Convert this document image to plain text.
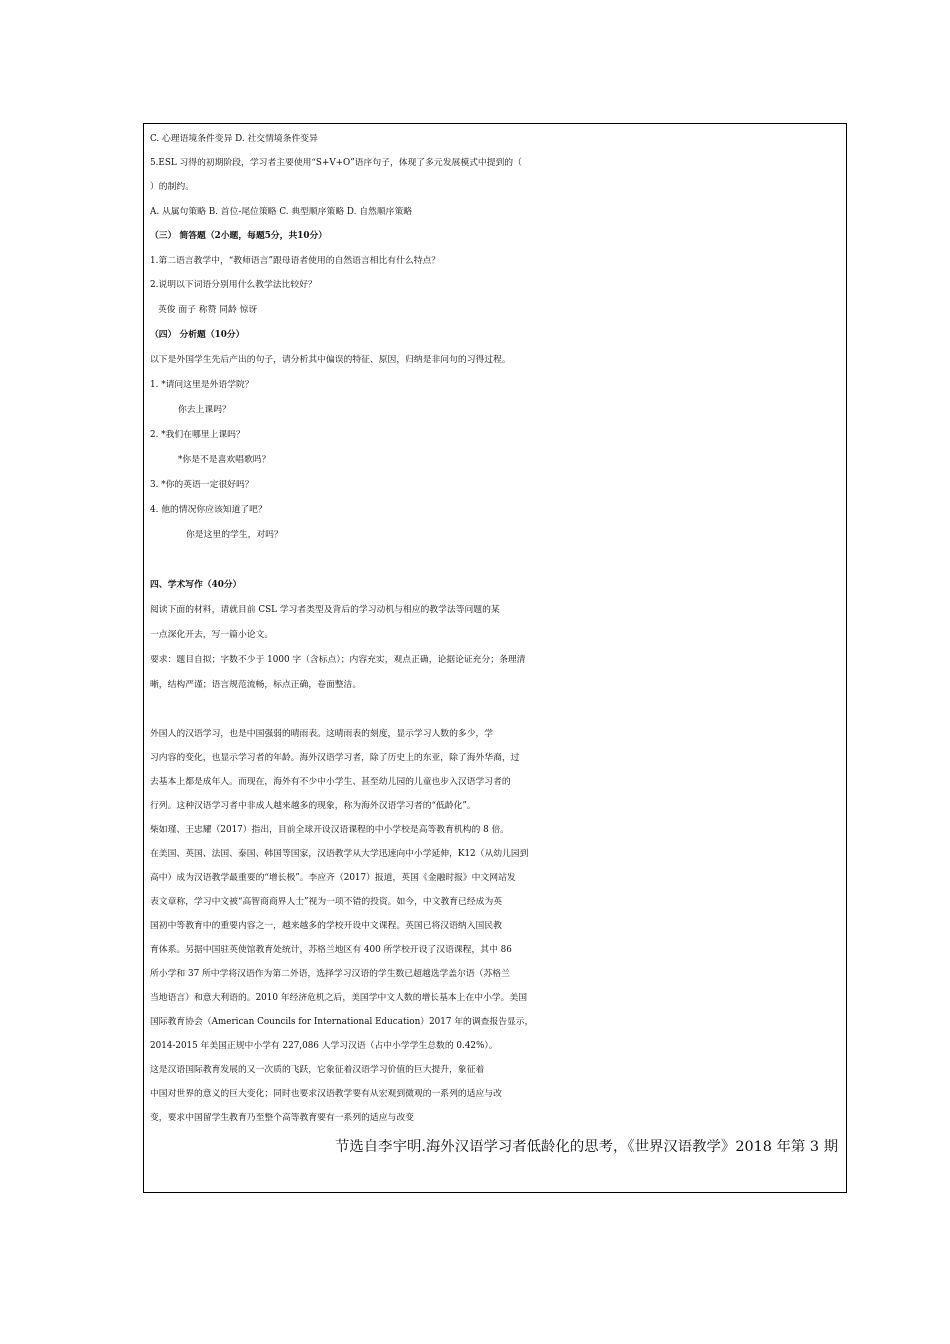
C. 心理语境条件变异 D. 社交情境条件变异
5.ESL 习得的初期阶段，学习者主要使用“S+V+O”语序句子，体现了多元发展模式中提到的（
）的制约。
A. 从属句策略 B. 首位-尾位策略 C. 典型顺序策略 D. 自然顺序策略
（三） 简答题（2小题，每题5分，共10分）
1.第二语言教学中，“教师语言”跟母语者使用的自然语言相比有什么特点？
2.说明以下词语分别用什么教学法比较好？
英俊 面子 称赞 同龄 惊讶
（四） 分析题（10分）
以下是外国学生先后产出的句子，请分析其中偏误的特征、原因，归纳是非问句的习得过程。
1. *请问这里是外语学院？
你去上课吗？
2. *我们在哪里上课吗？
*你是不是喜欢唱歌吗？
3. *你的英语一定很好吗？
4. 他的情况你应该知道了吧？
你是这里的学生，对吗？
四、学术写作（40分）
阅读下面的材料，请就目前 CSL 学习者类型及背后的学习动机与相应的教学法等问题的某
一点深化开去，写一篇小论文。
要求：题目自拟；字数不少于 1000 字（含标点）；内容充实，观点正确，论据论证充分；条理清
晰，结构严谨；语言规范流畅，标点正确，卷面整洁。
外国人的汉语学习，也是中国强弱的晴雨表。这晴雨表的刻度，显示学习人数的多少，学
习内容的变化，也显示学习者的年龄。海外汉语学习者，除了历史上的东亚，除了海外华裔，过
去基本上都是成年人。而现在，海外有不少中小学生、甚至幼儿园的儿童也步入汉语学习者的
行列。这种汉语学习者中非成人越来越多的现象，称为海外汉语学习者的“低龄化”。
柴如瑾、王忠耀（2017）指出，目前全球开设汉语课程的中小学校是高等教育机构的 8 倍。
在美国、英国、法国、泰国、韩国等国家，汉语教学从大学迅速向中小学延伸，K12（从幼儿园到
高中）成为汉语教学最重要的“增长极”。李应齐（2017）报道，英国《金融时报》中文网站发
表文章称，学习中文被“高智商商界人士”视为一项不错的投资。如今，中文教育已经成为英
国初中等教育中的重要内容之一，越来越多的学校开设中文课程。英国已将汉语纳入国民教
育体系。另据中国驻英使馆教育处统计，苏格兰地区有 400 所学校开设了汉语课程，其中 86
所小学和 37 所中学将汉语作为第二外语，选择学习汉语的学生数已超越选学盖尔语（苏格兰
当地语言）和意大利语的。2010 年经济危机之后，美国学中文人数的增长基本上在中小学。美国
国际教育协会（American Councils for International Education）2017 年的调查报告显示，
2014-2015 年美国正规中小学有 227,086 人学习汉语（占中小学学生总数的 0.42%）。
这是汉语国际教育发展的又一次质的飞跃，它象征着汉语学习价值的巨大提升，象征着
中国对世界的意义的巨大变化；同时也要求汉语教学要有从宏观到微观的一系列的适应与改
变，要求中国留学生教育乃至整个高等教育要有一系列的适应与改变
节选自李宇明.海外汉语学习者低龄化的思考，《世界汉语教学》2018 年第 3 期
